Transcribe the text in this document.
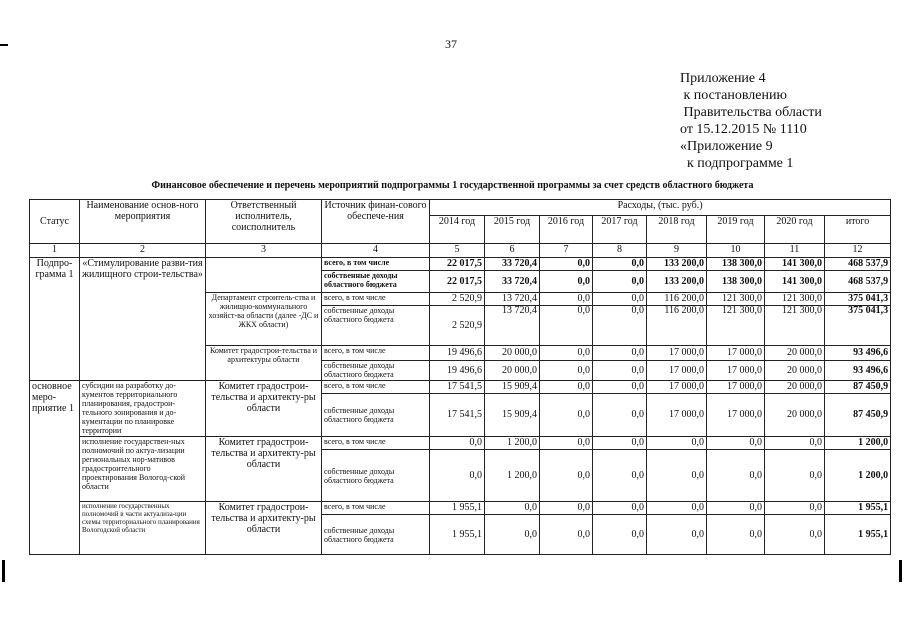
37
Приложение 4
к постановлению
Правительства области
от 15.12.2015 № 1110
«Приложение 9
к подпрограмме 1
Финансовое обеспечение и перечень мероприятий подпрограммы 1 государственной программы за счет средств областного бюджета
Статус	Наименование основ-ного мероприятия	Ответственный исполнитель, соисполнитель	Источник финан-сового обеспече-ния	Расходы, (тыс. руб.)							
				2014 год	2015 год	2016 год	2017 год	2018 год	2019 год	2020 год	итого
1	2	3	4	5	6	7	8	9	10	11	12
Подпро-грамма 1	«Стимулирование разви-тия жилищного строи-тельства»		всего, в том числе	22 017,5	33 720,4	0,0	0,0	133 200,0	138 300,0	141 300,0	468 537,9
			собственные доходы областного бюджета	22 017,5	33 720,4	0,0	0,0	133 200,0	138 300,0	141 300,0	468 537,9
		Департамент строитель-ства и жилищно-коммунального хозяйст-ва области (далее -ДС и ЖКХ области)	всего, в том числе	2 520,9	13 720,4	0,0	0,0	116 200,0	121 300,0	121 300,0	375 041,3
			собственные доходы областного бюджета	2 520,9	13 720,4	0,0	0,0	116 200,0	121 300,0	121 300,0	375 041,3
		Комитет градострои-тельства и архитектуры области	всего, в том числе	19 496,6	20 000,0	0,0	0,0	17 000,0	17 000,0	20 000,0	93 496,6
			собственные доходы областного бюджета	19 496,6	20 000,0	0,0	0,0	17 000,0	17 000,0	20 000,0	93 496,6
основное меро-приятие 1	субсидии на разработку до-кументов территориального планирования, градострои-тельного зонирования и до-кументации по планировке территории	Комитет градострои-тельства и архитекту-ры области	всего, в том числе	17 541,5	15 909,4	0,0	0,0	17 000,0	17 000,0	20 000,0	87 450,9
			собственные доходы областного бюджета	17 541,5	15 909,4	0,0	0,0	17 000,0	17 000,0	20 000,0	87 450,9
	исполнение государствен-ных полномочий по актуа-лизации региональных нор-мативов градостроительного проектирования Вологод-ской области	Комитет градострои-тельства и архитекту-ры области	всего, в том числе	0,0	1 200,0	0,0	0,0	0,0	0,0	0,0	1 200,0
			собственные доходы областного бюджета	0,0	1 200,0	0,0	0,0	0,0	0,0	0,0	1 200,0
	исполнение государственных полномочий в части актуализа-ции схемы территориального планирования Вологодской области	Комитет градострои-тельства и архитекту-ры области	всего, в том числе	1 955,1	0,0	0,0	0,0	0,0	0,0	0,0	1 955,1
			собственные доходы областного бюджета	1 955,1	0,0	0,0	0,0	0,0	0,0	0,0	1 955,1
